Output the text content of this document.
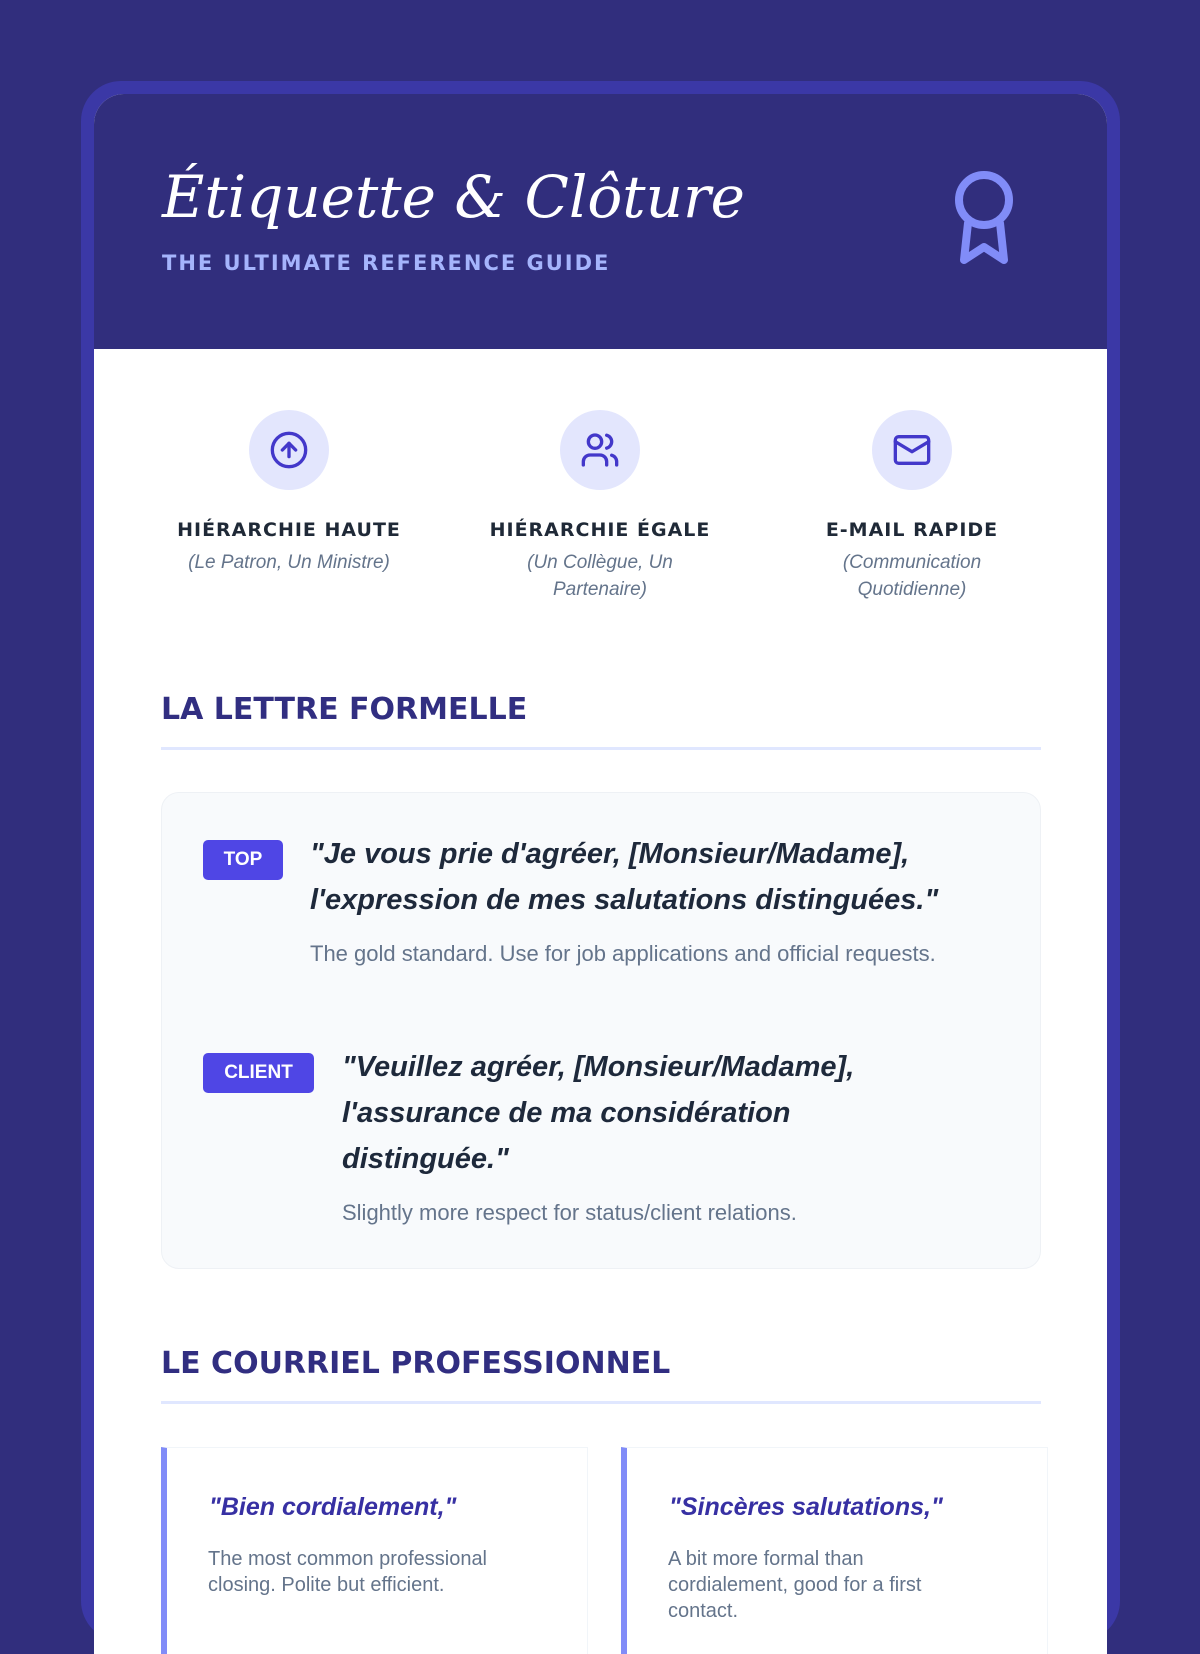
Étiquette & Clôture
THE ULTIMATE REFERENCE GUIDE
HIÉRARCHIE HAUTE
(Le Patron, Un Ministre)
HIÉRARCHIE ÉGALE
(Un Collègue, Un Partenaire)
E-MAIL RAPIDE
(Communication Quotidienne)
LA LETTRE FORMELLE
TOP	"Je vous prie d'agréer, [Monsieur/Madame], l'expression de mes salutations distinguées."
The gold standard. Use for job applications and official requests.
CLIENT	"Veuillez agréer, [Monsieur/Madame], l'assurance de ma considération distinguée."
Slightly more respect for status/client relations.
LE COURRIEL PROFESSIONNEL
"Bien cordialement,"
The most common professional closing. Polite but efficient.
"Sincères salutations,"
A bit more formal than cordialement, good for a first contact.
